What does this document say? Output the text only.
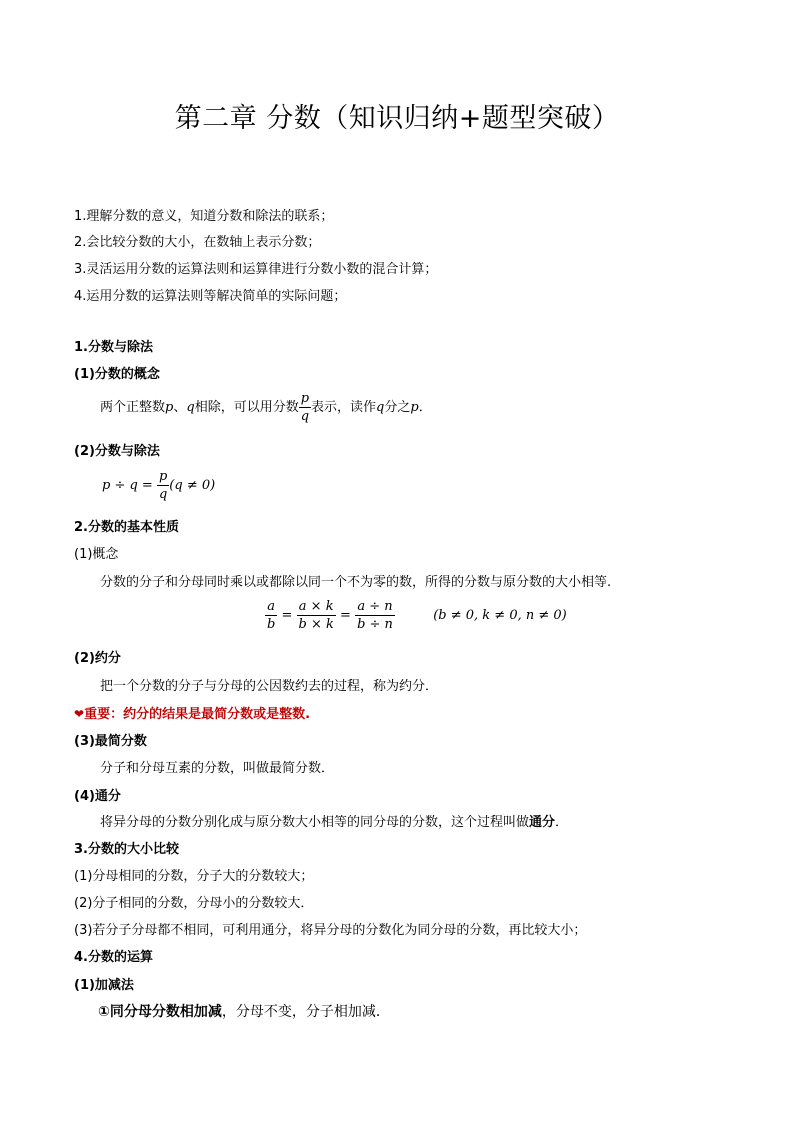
第二章 分数（知识归纳+题型突破）
1.理解分数的意义，知道分数和除法的联系；
2.会比较分数的大小，在数轴上表示分数；
3.灵活运用分数的运算法则和运算律进行分数小数的混合计算；
4.运用分数的运算法则等解决简单的实际问题；
1.分数与除法
(1)分数的概念
两个正整数p、q相除，可以用分数 $\frac{p}{q}$ 表示，读作q分之p．
(2)分数与除法
$p \div q = \frac{p}{q} (q \ne 0)$
2.分数的基本性质
(1)概念
分数的分子和分母同时乘以或都除以同一个不为零的数，所得的分数与原分数的大小相等.
$\frac{a}{b} = \frac{a \times k}{b \times k} = \frac{a \div n}{b \div n}$	(b ≠ 0, k ≠ 0, n ≠ 0)
(2)约分
把一个分数的分子与分母的公因数约去的过程，称为约分．
❤重要：约分的结果是最简分数或是整数.
(3)最简分数
分子和分母互素的分数，叫做最简分数．
(4)通分
将异分母的分数分别化成与原分数大小相等的同分母的分数，这个过程叫做通分．
3.分数的大小比较
(1)分母相同的分数，分子大的分数较大；
(2)分子相同的分数，分母小的分数较大．
(3)若分子分母都不相同，可利用通分，将异分母的分数化为同分母的分数，再比较大小；
4.分数的运算
(1)加减法
①同分母分数相加减，分母不变，分子相加减．
